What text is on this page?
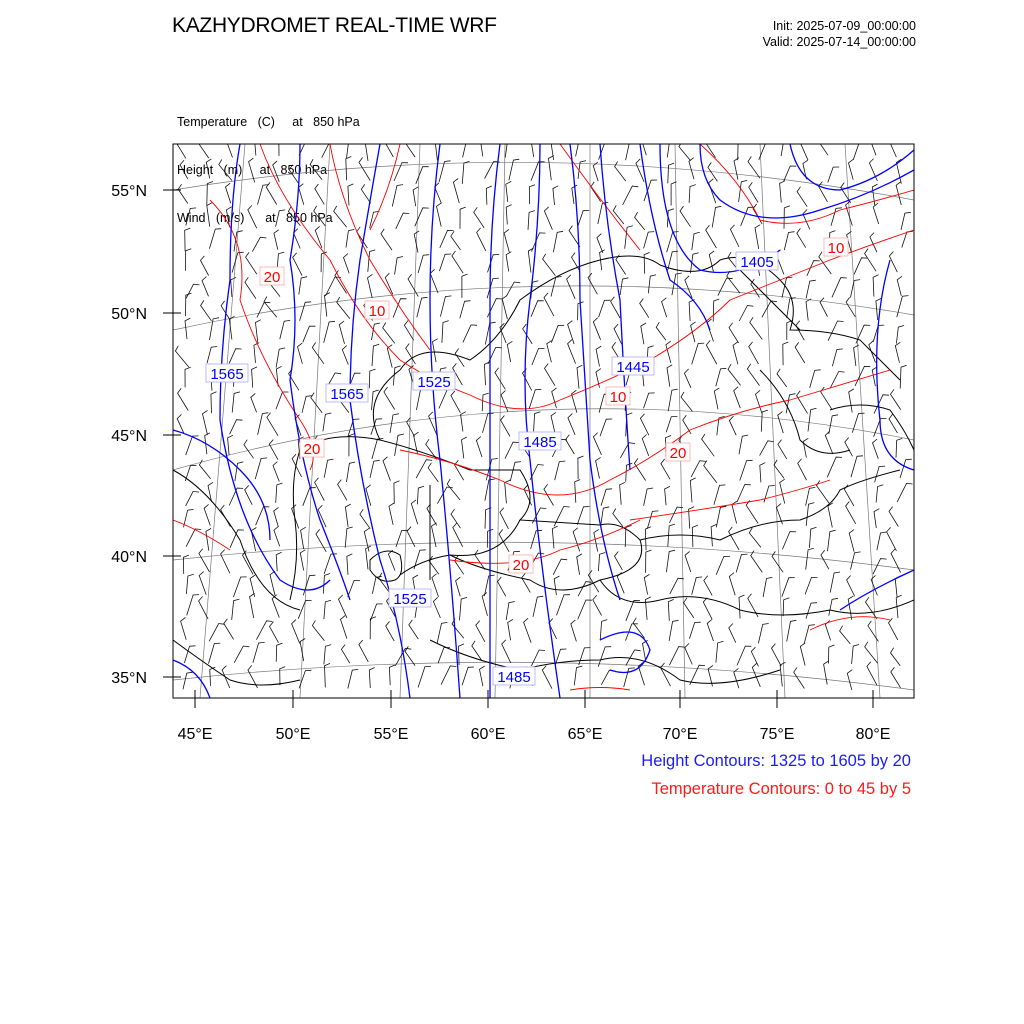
KAZHYDROMET REAL-TIME WRF	Init: 2025-07-09_00:00:00
Valid: 2025-07-14_00:00:00

Temperature   (C)     at   850 hPa

Height   (m)     at   850 hPa

Wind   (m/s)      at   850 hPa

55°N
50°N
45°N
40°N
35°N
45°E	50°E	55°E	60°E	65°E	70°E	75°E	80°E
1565
1565
1525
1445
1405
1485
1525
1485
20
10
10
10
20
20
20
Height Contours: 1325 to 1605 by 20
Temperature Contours: 0 to 45 by 5
